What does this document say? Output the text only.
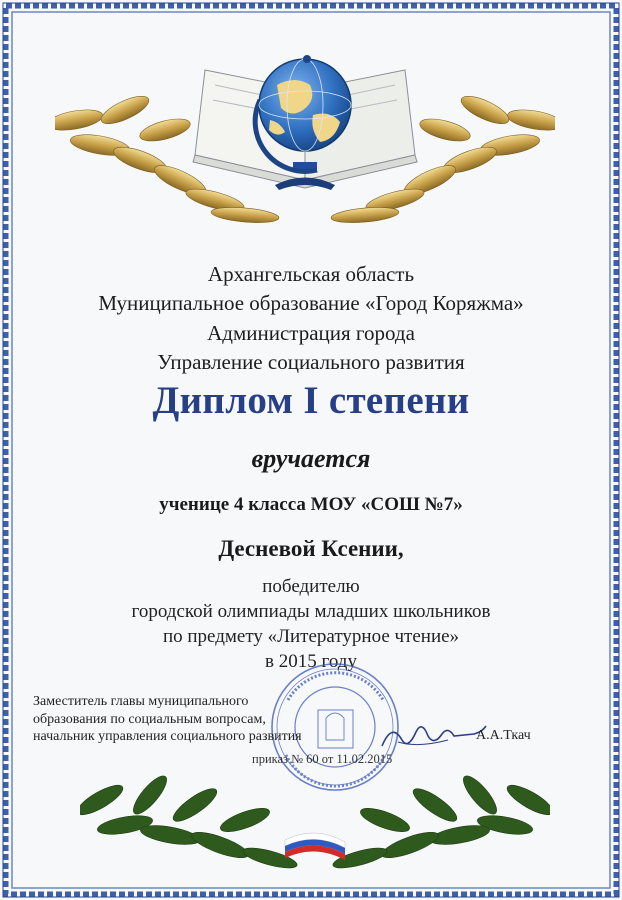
Архангельская область
Муниципальное образование «Город Коряжма»
Администрация города
Управление социального развития
Диплом I степени
вручается
ученице 4 класса МОУ «СОШ №7»
Десневой Ксении,
победителю
городской олимпиады младших школьников
по предмету «Литературное чтение»
в 2015 году
Заместитель главы муниципального
образования по социальным вопросам,
начальник управления социального развития	А.А.Ткач
приказ № 60 от 11.02.2015
